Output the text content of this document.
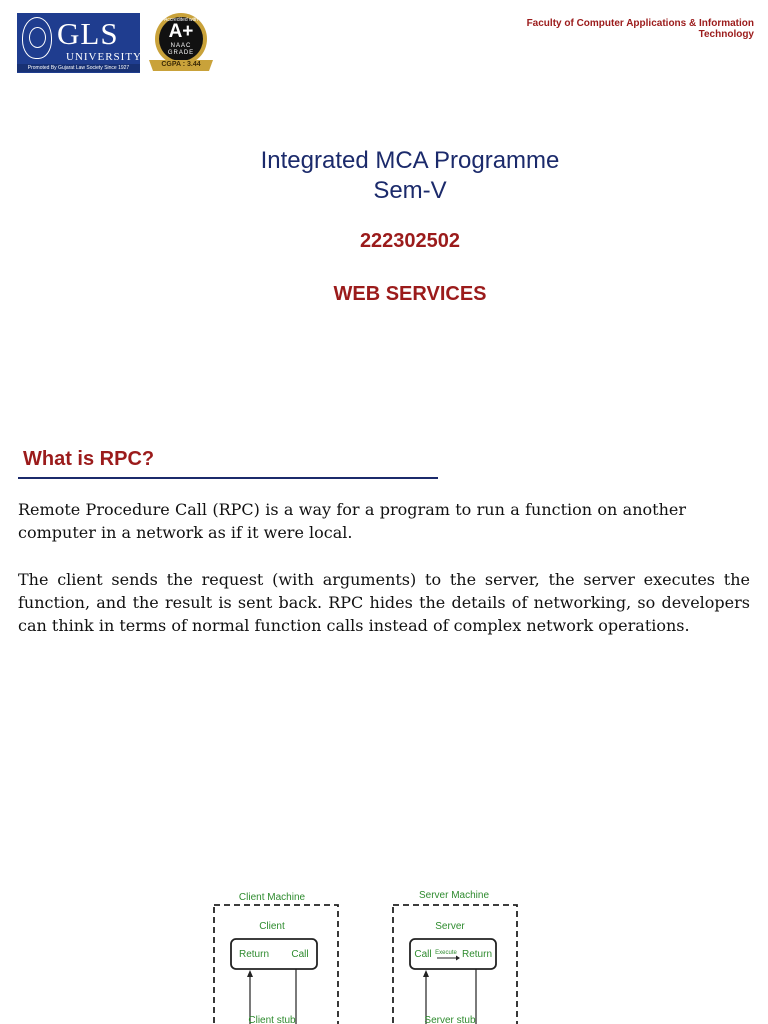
GLS
UNIVERSITY
Promoted By Gujarat Law Society Since 1927
Accredited with
A+
NAAC
GRADE
CGPA : 3.44
Faculty of Computer Applications & Information Technology
Integrated MCA Programme
Sem-V
222302502
WEB SERVICES
What is RPC?

Remote Procedure Call (RPC) is a way for a program to run a function on another computer in a network as if it were local.

The client sends the request (with arguments) to the server, the server executes the function, and the result is sent back. RPC hides the details of networking, so developers can think in terms of normal function calls instead of complex network operations.

Client Machine	Server Machine
Client	Server
Return Call	Call Execute Return
Client stub	Server stub
